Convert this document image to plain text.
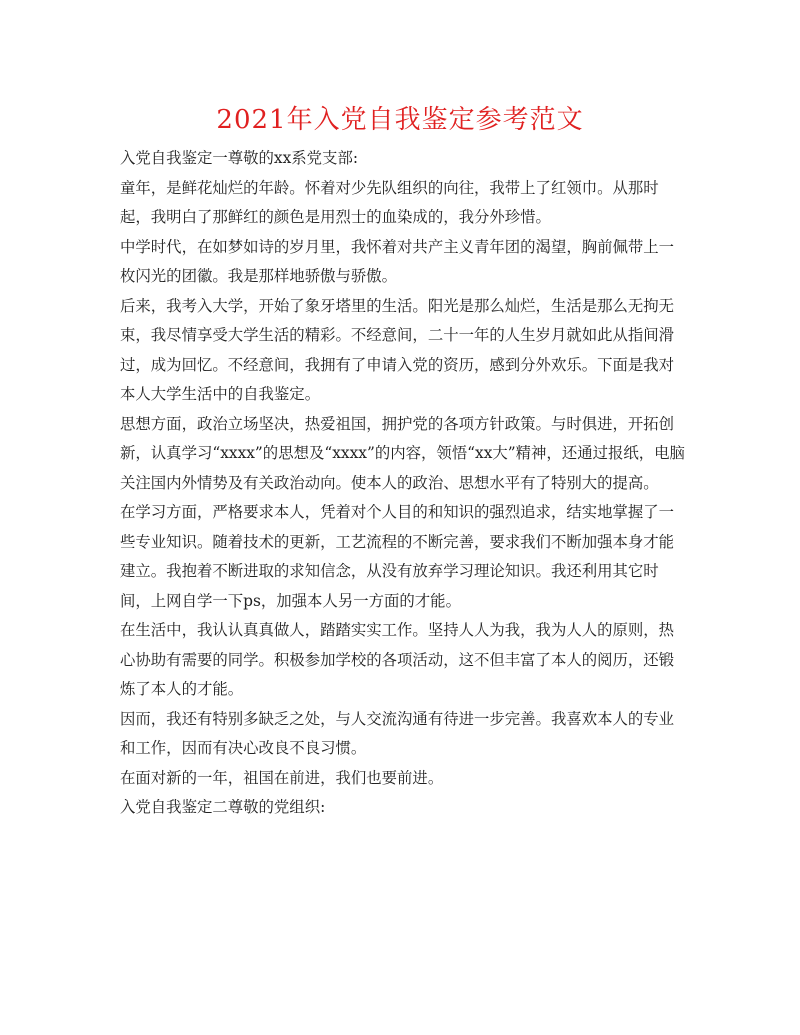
2021年入党自我鉴定参考范文

入党自我鉴定一尊敬的xx系党支部:

童年，是鲜花灿烂的年龄。怀着对少先队组织的向往，我带上了红领巾。从那时起，我明白了那鲜红的颜色是用烈士的血染成的，我分外珍惜。

中学时代，在如梦如诗的岁月里，我怀着对共产主义青年团的渴望，胸前佩带上一枚闪光的团徽。我是那样地骄傲与骄傲。

后来，我考入大学，开始了象牙塔里的生活。阳光是那么灿烂，生活是那么无拘无束，我尽情享受大学生活的精彩。不经意间，二十一年的人生岁月就如此从指间滑过，成为回忆。不经意间，我拥有了申请入党的资历，感到分外欢乐。下面是我对本人大学生活中的自我鉴定。

思想方面，政治立场坚决，热爱祖国，拥护党的各项方针政策。与时俱进，开拓创新，认真学习“xxxx”的思想及“xxxx”的内容，领悟“xx大”精神，还通过报纸，电脑关注国内外情势及有关政治动向。使本人的政治、思想水平有了特别大的提高。

在学习方面，严格要求本人，凭着对个人目的和知识的强烈追求，结实地掌握了一些专业知识。随着技术的更新，工艺流程的不断完善，要求我们不断加强本身才能建立。我抱着不断进取的求知信念，从没有放弃学习理论知识。我还利用其它时间，上网自学一下ps，加强本人另一方面的才能。

在生活中，我认认真真做人，踏踏实实工作。坚持人人为我，我为人人的原则，热心协助有需要的同学。积极参加学校的各项活动，这不但丰富了本人的阅历，还锻炼了本人的才能。

因而，我还有特别多缺乏之处，与人交流沟通有待进一步完善。我喜欢本人的专业和工作，因而有决心改良不良习惯。

在面对新的一年，祖国在前进，我们也要前进。

入党自我鉴定二尊敬的党组织:
